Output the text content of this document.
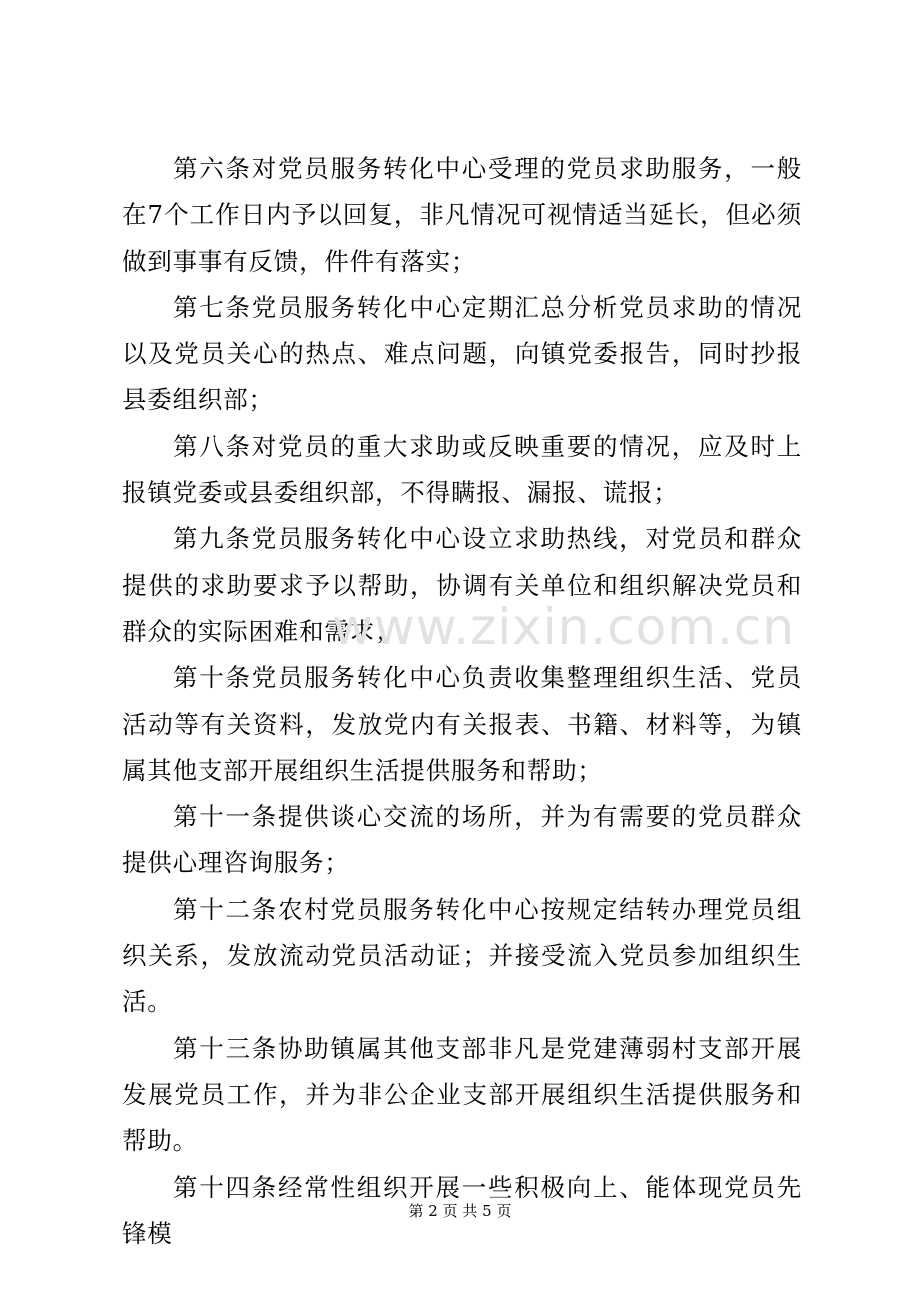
第六条对党员服务转化中心受理的党员求助服务，一般在7个工作日内予以回复，非凡情况可视情适当延长，但必须做到事事有反馈，件件有落实；

第七条党员服务转化中心定期汇总分析党员求助的情况以及党员关心的热点、难点问题，向镇党委报告，同时抄报县委组织部；

第八条对党员的重大求助或反映重要的情况，应及时上报镇党委或县委组织部，不得瞒报、漏报、谎报；

第九条党员服务转化中心设立求助热线，对党员和群众提供的求助要求予以帮助，协调有关单位和组织解决党员和群众的实际困难和需求；

第十条党员服务转化中心负责收集整理组织生活、党员活动等有关资料，发放党内有关报表、书籍、材料等，为镇属其他支部开展组织生活提供服务和帮助；

第十一条提供谈心交流的场所，并为有需要的党员群众提供心理咨询服务；

第十二条农村党员服务转化中心按规定结转办理党员组织关系，发放流动党员活动证；并接受流入党员参加组织生活。

第十三条协助镇属其他支部非凡是党建薄弱村支部开展发展党员工作，并为非公企业支部开展组织生活提供服务和帮助。

第十四条经常性组织开展一些积极向上、能体现党员先锋模

www.zixin.com.cn
第 2 页 共 5 页
